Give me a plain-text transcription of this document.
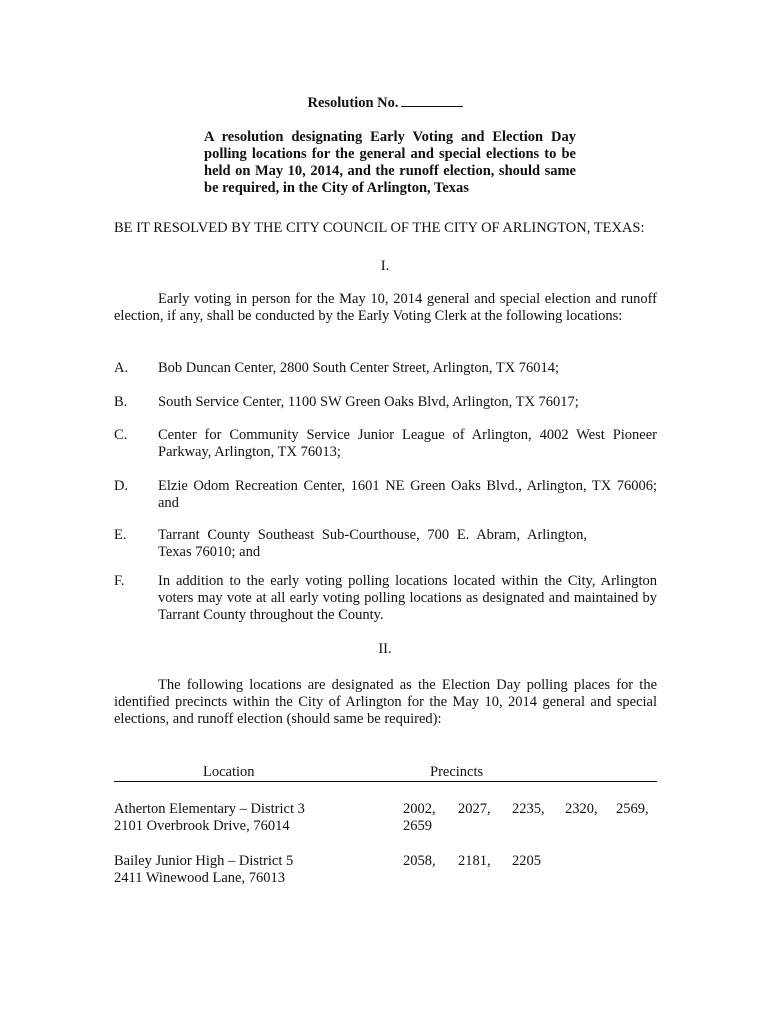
Resolution No.
A resolution designating Early Voting and Election Day polling locations for the general and special elections to be held on May 10, 2014, and the runoff election, should same be required, in the City of Arlington, Texas
BE IT RESOLVED BY THE CITY COUNCIL OF THE CITY OF ARLINGTON, TEXAS:
I.
Early voting in person for the May 10, 2014 general and special election and runoff election, if any, shall be conducted by the Early Voting Clerk at the following locations:
A. Bob Duncan Center, 2800 South Center Street, Arlington, TX 76014;
B. South Service Center, 1100 SW Green Oaks Blvd, Arlington, TX 76017;
C. Center for Community Service Junior League of Arlington, 4002 West Pioneer Parkway, Arlington, TX 76013;
D. Elzie Odom Recreation Center, 1601 NE Green Oaks Blvd., Arlington, TX 76006; and
E. Tarrant County Southeast Sub-Courthouse, 700 E. Abram, Arlington, Texas 76010; and
F. In addition to the early voting polling locations located within the City, Arlington voters may vote at all early voting polling locations as designated and maintained by Tarrant County throughout the County.
II.
The following locations are designated as the Election Day polling places for the identified precincts within the City of Arlington for the May 10, 2014 general and special elections, and runoff election (should same be required):
Location	Precincts
Atherton Elementary – District 3
2101 Overbrook Drive, 76014
2002, 2027, 2235, 2320, 2569,
2659
Bailey Junior High – District 5
2411 Winewood Lane, 76013
2058, 2181, 2205
